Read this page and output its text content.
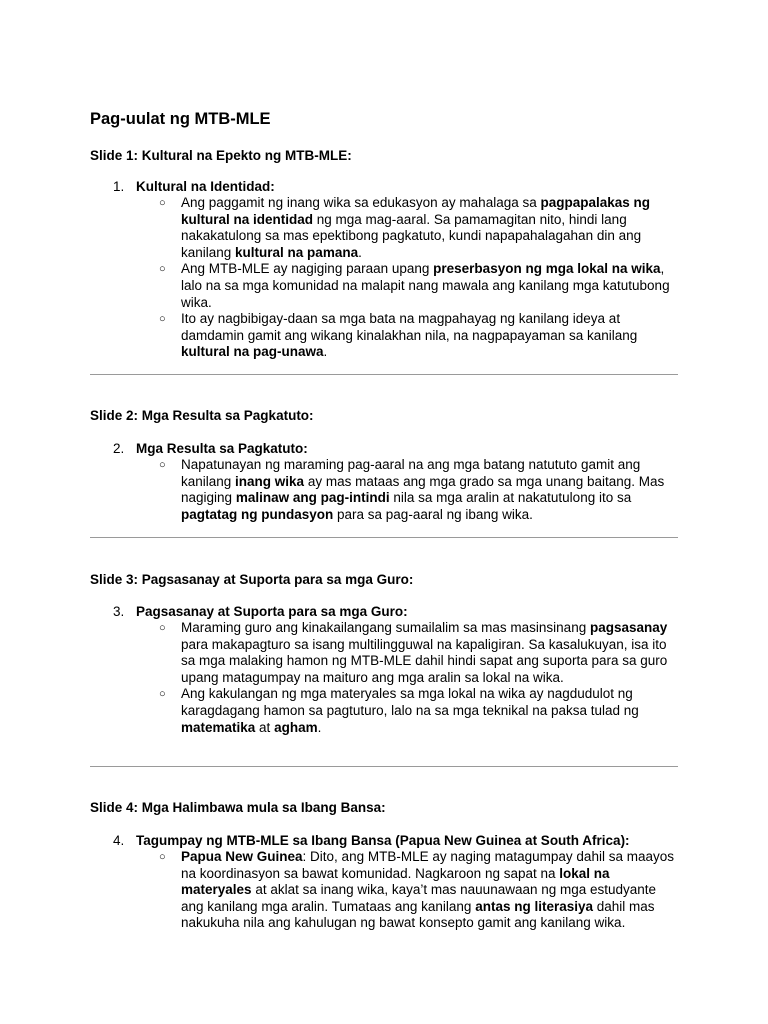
Pag-uulat ng MTB-MLE
Slide 1: Kultural na Epekto ng MTB-MLE:
1. Kultural na Identidad:
○ Ang paggamit ng inang wika sa edukasyon ay mahalaga sa pagpapalakas ng kultural na identidad ng mga mag-aaral. Sa pamamagitan nito, hindi lang nakakatulong sa mas epektibong pagkatuto, kundi napapahalagahan din ang kanilang kultural na pamana.
○ Ang MTB-MLE ay nagiging paraan upang preserbasyon ng mga lokal na wika, lalo na sa mga komunidad na malapit nang mawala ang kanilang mga katutubong wika.
○ Ito ay nagbibigay-daan sa mga bata na magpahayag ng kanilang ideya at damdamin gamit ang wikang kinalakhan nila, na nagpapayaman sa kanilang kultural na pag-unawa.
Slide 2: Mga Resulta sa Pagkatuto:
2. Mga Resulta sa Pagkatuto:
○ Napatunayan ng maraming pag-aaral na ang mga batang natututo gamit ang kanilang inang wika ay mas mataas ang mga grado sa mga unang baitang. Mas nagiging malinaw ang pag-intindi nila sa mga aralin at nakatutulong ito sa pagtatag ng pundasyon para sa pag-aaral ng ibang wika.
Slide 3: Pagsasanay at Suporta para sa mga Guro:
3. Pagsasanay at Suporta para sa mga Guro:
○ Maraming guro ang kinakailangang sumailalim sa mas masinsinang pagsasanay para makapagturo sa isang multilingguwal na kapaligiran. Sa kasalukuyan, isa ito sa mga malaking hamon ng MTB-MLE dahil hindi sapat ang suporta para sa guro upang matagumpay na maituro ang mga aralin sa lokal na wika.
○ Ang kakulangan ng mga materyales sa mga lokal na wika ay nagdudulot ng karagdagang hamon sa pagtuturo, lalo na sa mga teknikal na paksa tulad ng matematika at agham.
Slide 4: Mga Halimbawa mula sa Ibang Bansa:
4. Tagumpay ng MTB-MLE sa Ibang Bansa (Papua New Guinea at South Africa):
○ Papua New Guinea: Dito, ang MTB-MLE ay naging matagumpay dahil sa maayos na koordinasyon sa bawat komunidad. Nagkaroon ng sapat na lokal na materyales at aklat sa inang wika, kaya’t mas nauunawaan ng mga estudyante ang kanilang mga aralin. Tumataas ang kanilang antas ng literasiya dahil mas nakukuha nila ang kahulugan ng bawat konsepto gamit ang kanilang wika.
